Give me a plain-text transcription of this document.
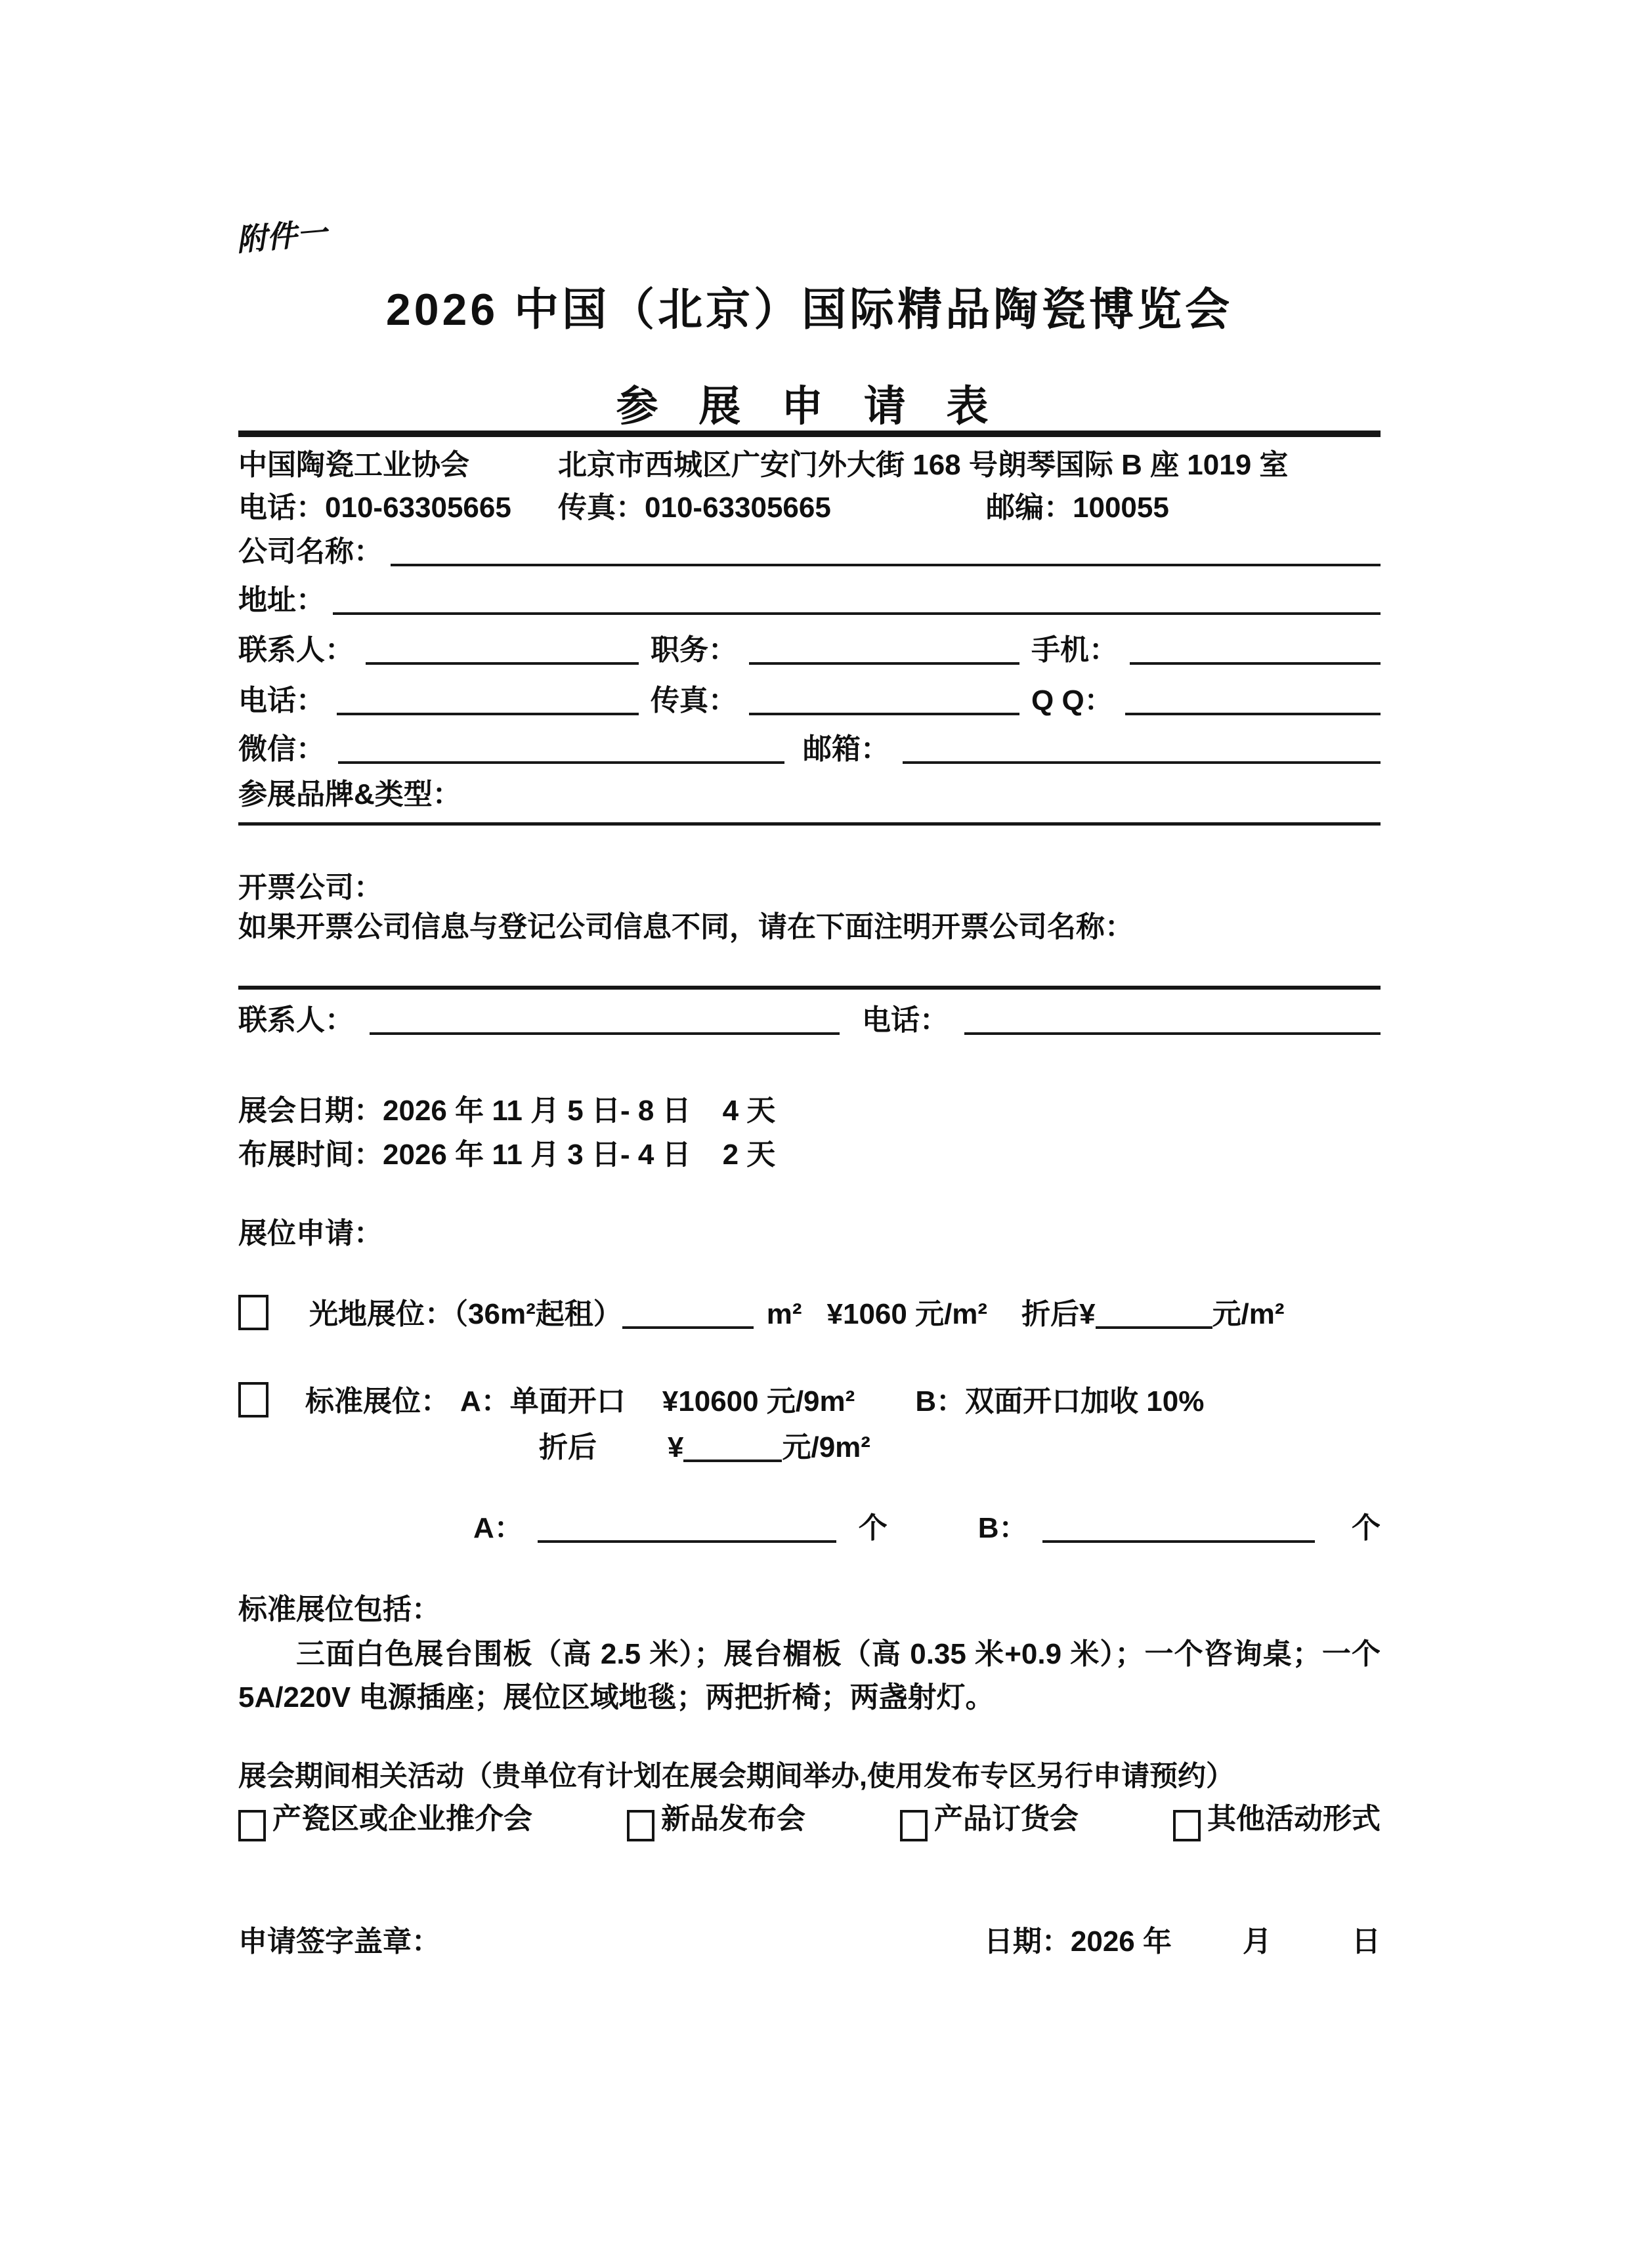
附件一
2026 中国（北京）国际精品陶瓷博览会
参 展 申 请 表
中国陶瓷工业协会	北京市西城区广安门外大街 168 号朗琴国际 B 座 1019 室
电话：010-63305665	传真：010-63305665	邮编：100055
公司名称：
地址：
联系人：	职务：	手机：
电话：	传真：	Q Q：
微信：	邮箱：
参展品牌&类型：
开票公司：
如果开票公司信息与登记公司信息不同，请在下面注明开票公司名称：
联系人：	电话：
展会日期： 2026 年 11 月 5 日- 8 日 4 天
布展时间： 2026 年 11 月 3 日- 4 日 2 天
展位申请：
光地展位：（36m²起租）	m² ¥1060 元/m² 折后¥	元/m²
标准展位： A：单面开口 ¥10600 元/9m² B：双面开口加收 10%
折后 ¥	元/9m²
A：	个	B：	个
标准展位包括：
三面白色展台围板（高 2.5 米）；展台楣板（高 0.35 米+0.9 米）；一个咨询桌；一个 5A/220V 电源插座；展位区域地毯；两把折椅；两盏射灯。
展会期间相关活动（贵单位有计划在展会期间举办,使用发布专区另行申请预约）
产瓷区或企业推介会	新品发布会	产品订货会	其他活动形式
申请签字盖章：	日期： 2026 年 月	日
